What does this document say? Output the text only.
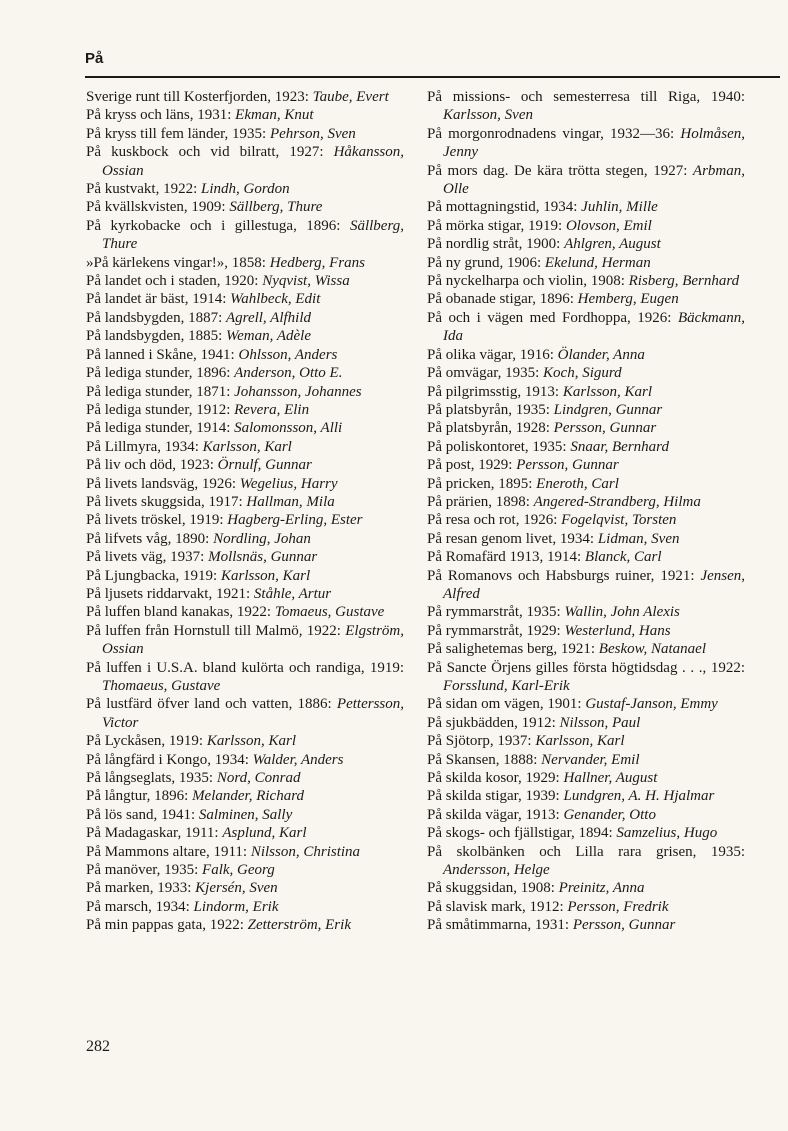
På
Sverige runt till Kosterfjorden, 1923: Taube, Evert
På kryss och läns, 1931: Ekman, Knut
På kryss till fem länder, 1935: Pehrson, Sven
På kuskbock och vid bilratt, 1927: Håkansson, Ossian
På kustvakt, 1922: Lindh, Gordon
På kvällskvisten, 1909: Sällberg, Thure
På kyrkobacke och i gillestuga, 1896: Sällberg, Thure
»På kärlekens vingar!», 1858: Hedberg, Frans
På landet och i staden, 1920: Nyqvist, Wissa
På landet är bäst, 1914: Wahlbeck, Edit
På landsbygden, 1887: Agrell, Alfhild
På landsbygden, 1885: Weman, Adèle
På lanned i Skåne, 1941: Ohlsson, Anders
På lediga stunder, 1896: Anderson, Otto E.
På lediga stunder, 1871: Johansson, Johannes
På lediga stunder, 1912: Revera, Elin
På lediga stunder, 1914: Salomonsson, Alli
På Lillmyra, 1934: Karlsson, Karl
På liv och död, 1923: Örnulf, Gunnar
På livets landsväg, 1926: Wegelius, Harry
På livets skuggsida, 1917: Hallman, Mila
På livets tröskel, 1919: Hagberg-Erling, Ester
På lifvets våg, 1890: Nordling, Johan
På livets väg, 1937: Mollsnäs, Gunnar
På Ljungbacka, 1919: Karlsson, Karl
På ljusets riddarvakt, 1921: Ståhle, Artur
På luffen bland kanakas, 1922: Tomaeus, Gustave
På luffen från Hornstull till Malmö, 1922: Elgström, Ossian
På luffen i U.S.A. bland kulörta och randiga, 1919: Thomaeus, Gustave
På lustfärd öfver land och vatten, 1886: Pettersson, Victor
På Lyckåsen, 1919: Karlsson, Karl
På långfärd i Kongo, 1934: Walder, Anders
På långseglats, 1935: Nord, Conrad
På långtur, 1896: Melander, Richard
På lös sand, 1941: Salminen, Sally
På Madagaskar, 1911: Asplund, Karl
På Mammons altare, 1911: Nilsson, Christina
På manöver, 1935: Falk, Georg
På marken, 1933: Kjersén, Sven
På marsch, 1934: Lindorm, Erik
På min pappas gata, 1922: Zetterström, Erik
På missions- och semesterresa till Riga, 1940: Karlsson, Sven
På morgonrodnadens vingar, 1932—36: Holmåsen, Jenny
På mors dag. De kära trötta stegen, 1927: Arbman, Olle
På mottagningstid, 1934: Juhlin, Mille
På mörka stigar, 1919: Olovson, Emil
På nordlig stråt, 1900: Ahlgren, August
På ny grund, 1906: Ekelund, Herman
På nyckelharpa och violin, 1908: Risberg, Bernhard
På obanade stigar, 1896: Hemberg, Eugen
På och i vägen med Fordhoppa, 1926: Bäckmann, Ida
På olika vägar, 1916: Ölander, Anna
På omvägar, 1935: Koch, Sigurd
På pilgrimsstig, 1913: Karlsson, Karl
På platsbyrån, 1935: Lindgren, Gunnar
På platsbyrån, 1928: Persson, Gunnar
På poliskontoret, 1935: Snaar, Bernhard
På post, 1929: Persson, Gunnar
På pricken, 1895: Eneroth, Carl
På prärien, 1898: Angered-Strandberg, Hilma
På resa och rot, 1926: Fogelqvist, Torsten
På resan genom livet, 1934: Lidman, Sven
På Romafärd 1913, 1914: Blanck, Carl
På Romanovs och Habsburgs ruiner, 1921: Jensen, Alfred
På rymmarstråt, 1935: Wallin, John Alexis
På rymmarstråt, 1929: Westerlund, Hans
På salighetemas berg, 1921: Beskow, Natanael
På Sancte Örjens gilles första högtidsdag . . ., 1922: Forsslund, Karl-Erik
På sidan om vägen, 1901: Gustaf-Janson, Emmy
På sjukbädden, 1912: Nilsson, Paul
På Sjötorp, 1937: Karlsson, Karl
På Skansen, 1888: Nervander, Emil
På skilda kosor, 1929: Hallner, August
På skilda stigar, 1939: Lundgren, A. H. Hjalmar
På skilda vägar, 1913: Genander, Otto
På skogs- och fjällstigar, 1894: Samzelius, Hugo
På skolbänken och Lilla rara grisen, 1935: Andersson, Helge
På skuggsidan, 1908: Preinitz, Anna
På slavisk mark, 1912: Persson, Fredrik
På småtimmarna, 1931: Persson, Gunnar
282
